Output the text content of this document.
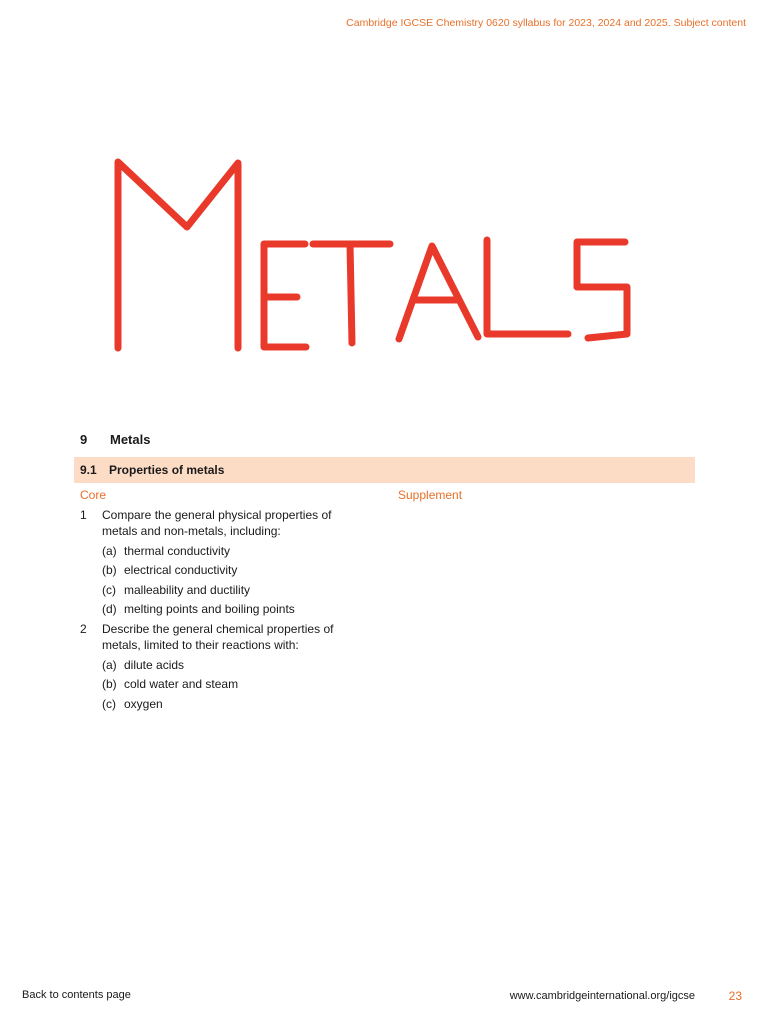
Cambridge IGCSE Chemistry 0620 syllabus for 2023, 2024 and 2025. Subject content
9 Metals
9.1 Properties of metals
Core	Supplement
1	Compare the general physical properties of metals and non-metals, including:
(a) thermal conductivity
(b) electrical conductivity
(c) malleability and ductility
(d) melting points and boiling points
2	Describe the general chemical properties of metals, limited to their reactions with:
(a) dilute acids
(b) cold water and steam
(c) oxygen
Back to contents page	www.cambridgeinternational.org/igcse	23
